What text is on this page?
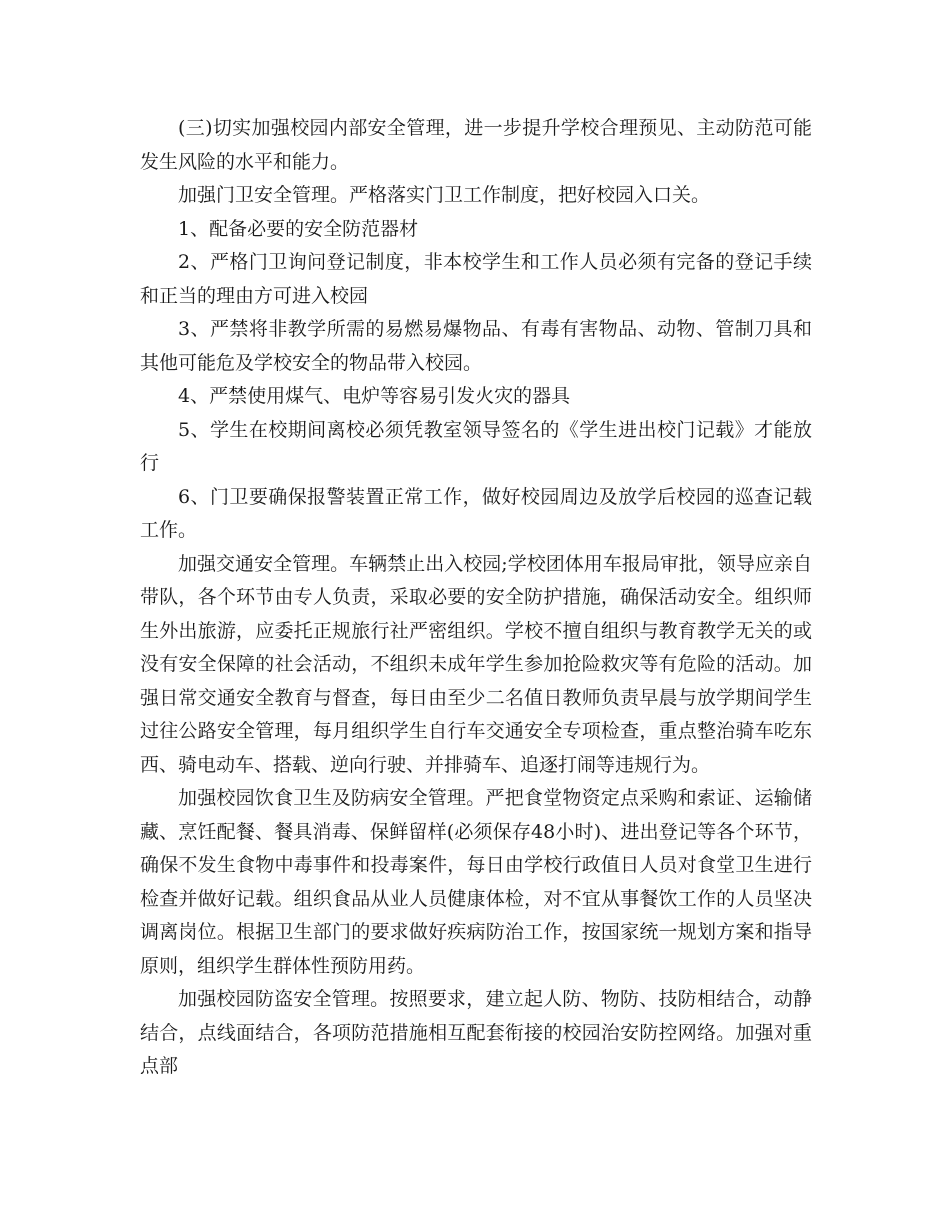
(三)切实加强校园内部安全管理，进一步提升学校合理预见、主动防范可能发生风险的水平和能力。

加强门卫安全管理。严格落实门卫工作制度，把好校园入口关。

1、配备必要的安全防范器材

2、严格门卫询问登记制度，非本校学生和工作人员必须有完备的登记手续和正当的理由方可进入校园

3、严禁将非教学所需的易燃易爆物品、有毒有害物品、动物、管制刀具和其他可能危及学校安全的物品带入校园。

4、严禁使用煤气、电炉等容易引发火灾的器具

5、学生在校期间离校必须凭教室领导签名的《学生进出校门记载》才能放行

6、门卫要确保报警装置正常工作，做好校园周边及放学后校园的巡查记载工作。

加强交通安全管理。车辆禁止出入校园;学校团体用车报局审批，领导应亲自带队，各个环节由专人负责，采取必要的安全防护措施，确保活动安全。组织师生外出旅游，应委托正规旅行社严密组织。学校不擅自组织与教育教学无关的或没有安全保障的社会活动，不组织未成年学生参加抢险救灾等有危险的活动。加强日常交通安全教育与督查，每日由至少二名值日教师负责早晨与放学期间学生过往公路安全管理，每月组织学生自行车交通安全专项检查，重点整治骑车吃东西、骑电动车、搭载、逆向行驶、并排骑车、追逐打闹等违规行为。

加强校园饮食卫生及防病安全管理。严把食堂物资定点采购和索证、运输储藏、烹饪配餐、餐具消毒、保鲜留样(必须保存48小时)、进出登记等各个环节，确保不发生食物中毒事件和投毒案件，每日由学校行政值日人员对食堂卫生进行检查并做好记载。组织食品从业人员健康体检，对不宜从事餐饮工作的人员坚决调离岗位。根据卫生部门的要求做好疾病防治工作，按国家统一规划方案和指导原则，组织学生群体性预防用药。

加强校园防盗安全管理。按照要求，建立起人防、物防、技防相结合，动静结合，点线面结合，各项防范措施相互配套衔接的校园治安防控网络。加强对重点部
